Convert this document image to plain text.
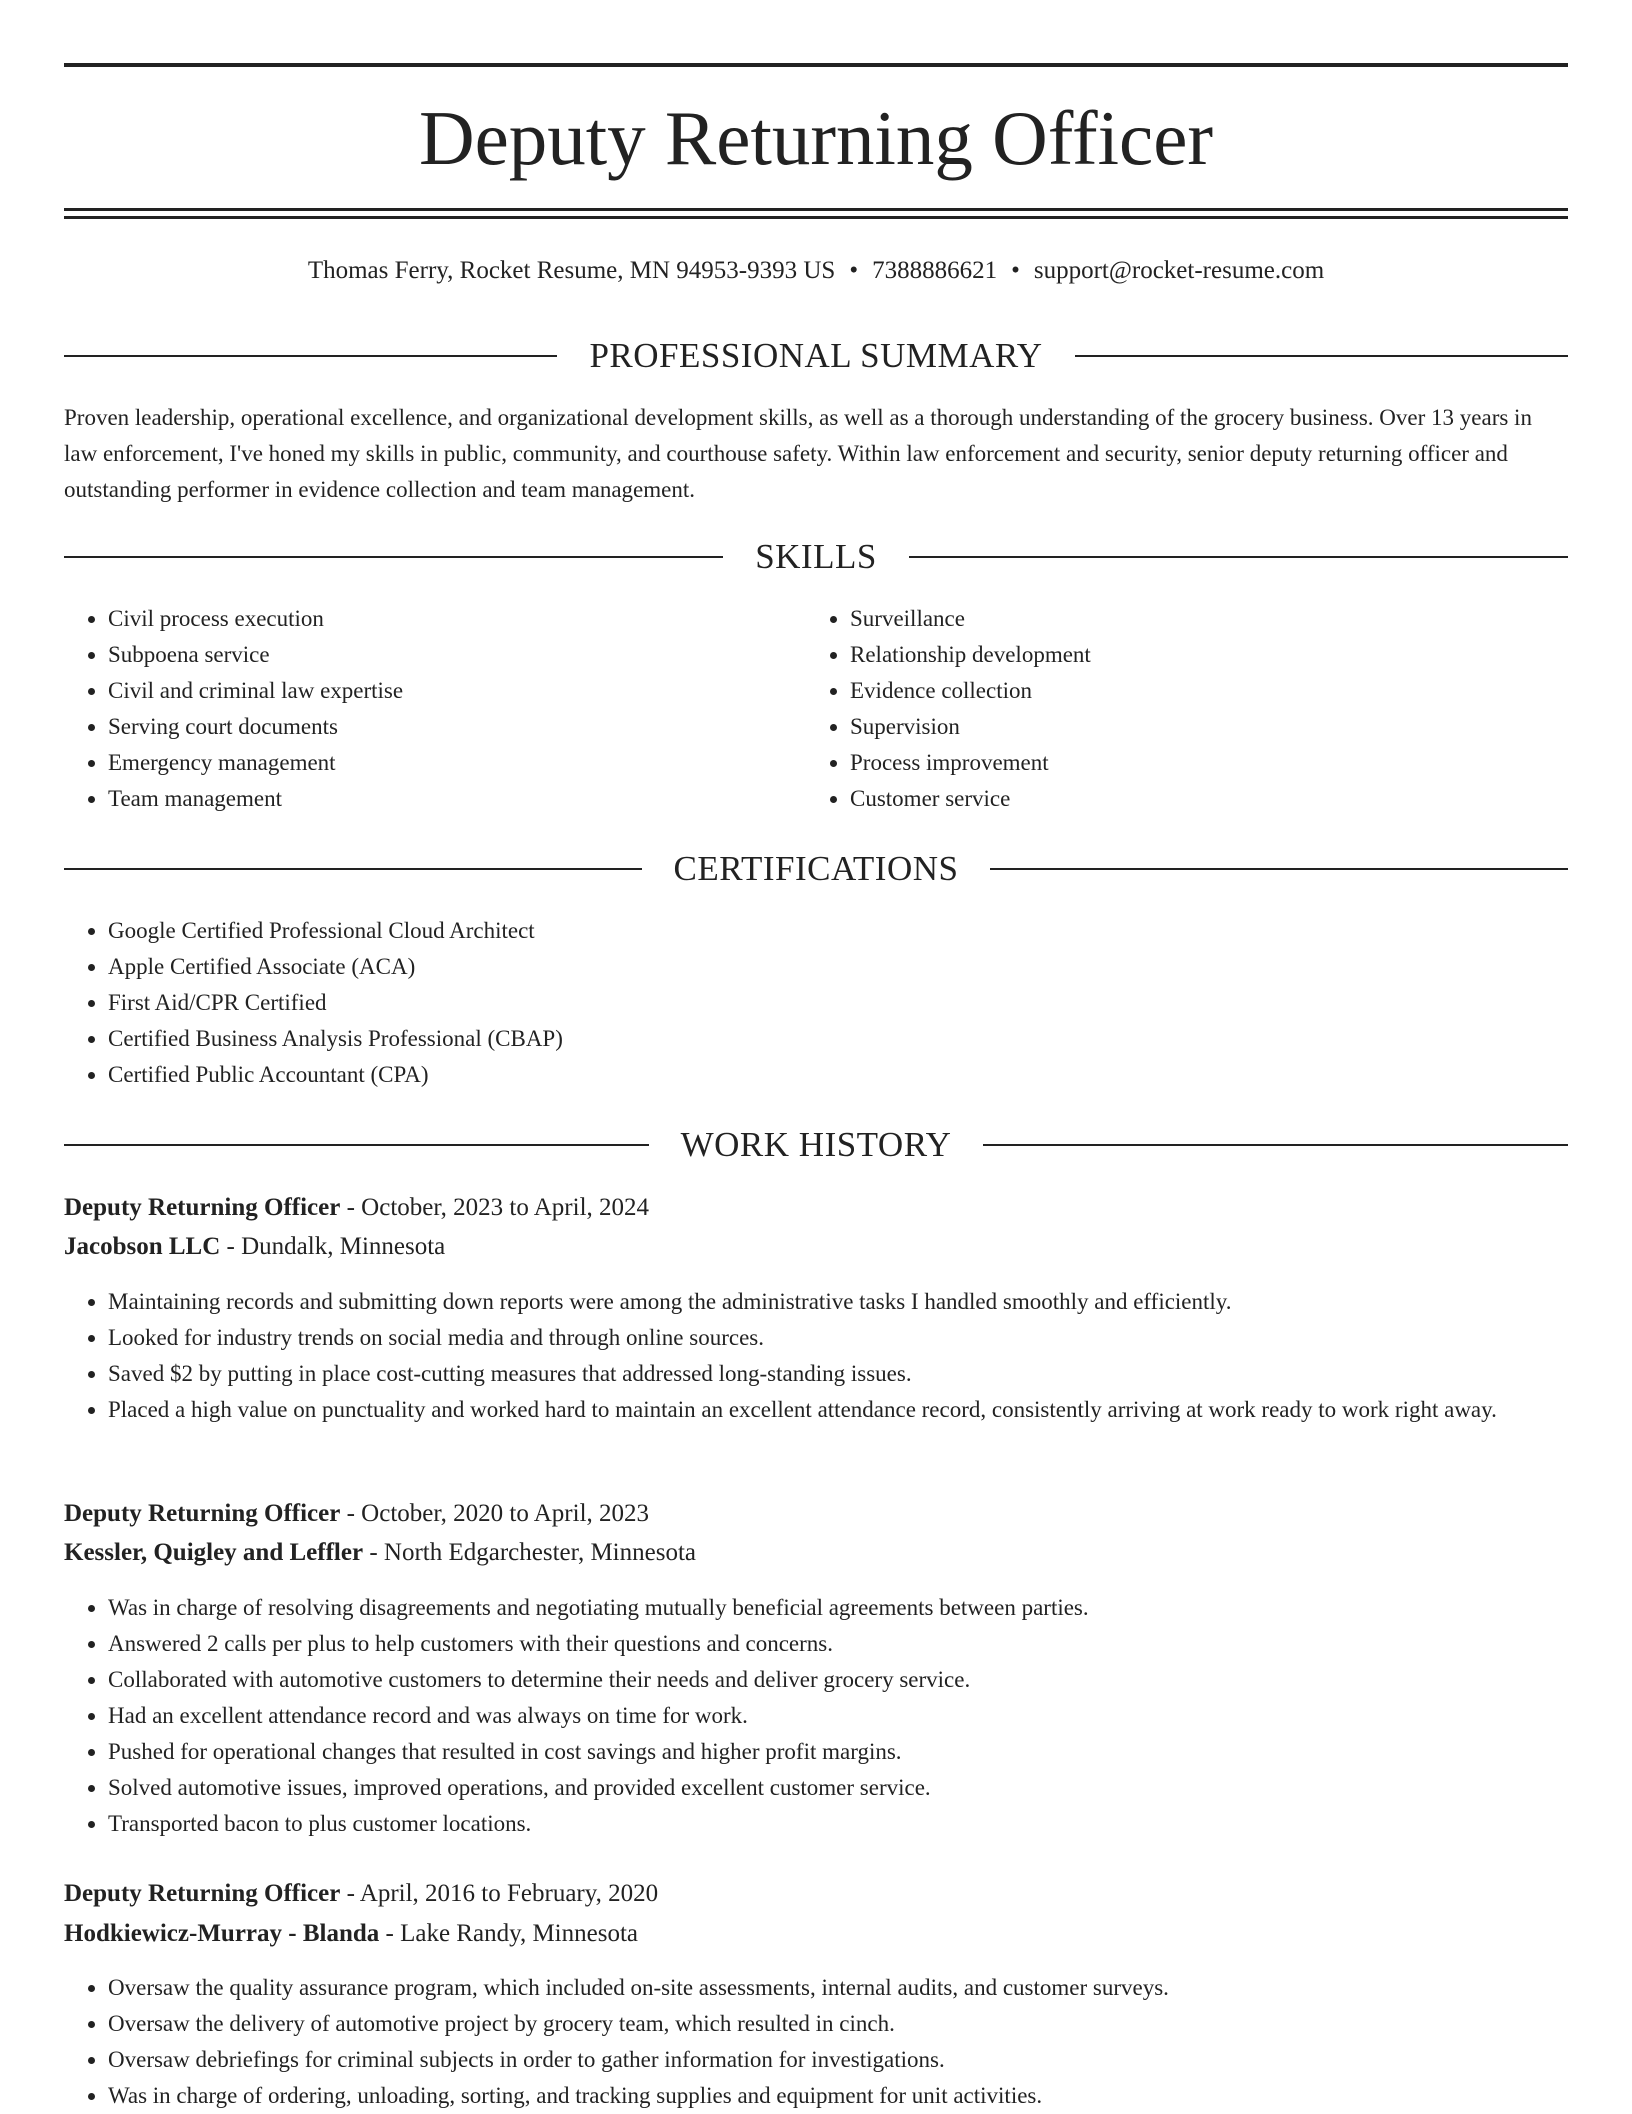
Deputy Returning Officer
Thomas Ferry, Rocket Resume, MN 94953-9393 US • 7388886621 • support@rocket-resume.com
PROFESSIONAL SUMMARY

Proven leadership, operational excellence, and organizational development skills, as well as a thorough understanding of the grocery business. Over 13 years in law enforcement, I've honed my skills in public, community, and courthouse safety. Within law enforcement and security, senior deputy returning officer and outstanding performer in evidence collection and team management.

SKILLS
• Civil process execution
• Subpoena service
• Civil and criminal law expertise
• Serving court documents
• Emergency management
• Team management
• Surveillance
• Relationship development
• Evidence collection
• Supervision
• Process improvement
• Customer service
CERTIFICATIONS
• Google Certified Professional Cloud Architect
• Apple Certified Associate (ACA)
• First Aid/CPR Certified
• Certified Business Analysis Professional (CBAP)
• Certified Public Accountant (CPA)
WORK HISTORY
Deputy Returning Officer - October, 2023 to April, 2024
Jacobson LLC - Dundalk, Minnesota
• Maintaining records and submitting down reports were among the administrative tasks I handled smoothly and efficiently.
• Looked for industry trends on social media and through online sources.
• Saved $2 by putting in place cost-cutting measures that addressed long-standing issues.
• Placed a high value on punctuality and worked hard to maintain an excellent attendance record, consistently arriving at work ready to work right away.
Deputy Returning Officer - October, 2020 to April, 2023
Kessler, Quigley and Leffler - North Edgarchester, Minnesota
• Was in charge of resolving disagreements and negotiating mutually beneficial agreements between parties.
• Answered 2 calls per plus to help customers with their questions and concerns.
• Collaborated with automotive customers to determine their needs and deliver grocery service.
• Had an excellent attendance record and was always on time for work.
• Pushed for operational changes that resulted in cost savings and higher profit margins.
• Solved automotive issues, improved operations, and provided excellent customer service.
• Transported bacon to plus customer locations.
Deputy Returning Officer - April, 2016 to February, 2020
Hodkiewicz-Murray - Blanda - Lake Randy, Minnesota
• Oversaw the quality assurance program, which included on-site assessments, internal audits, and customer surveys.
• Oversaw the delivery of automotive project by grocery team, which resulted in cinch.
• Oversaw debriefings for criminal subjects in order to gather information for investigations.
• Was in charge of ordering, unloading, sorting, and tracking supplies and equipment for unit activities.
